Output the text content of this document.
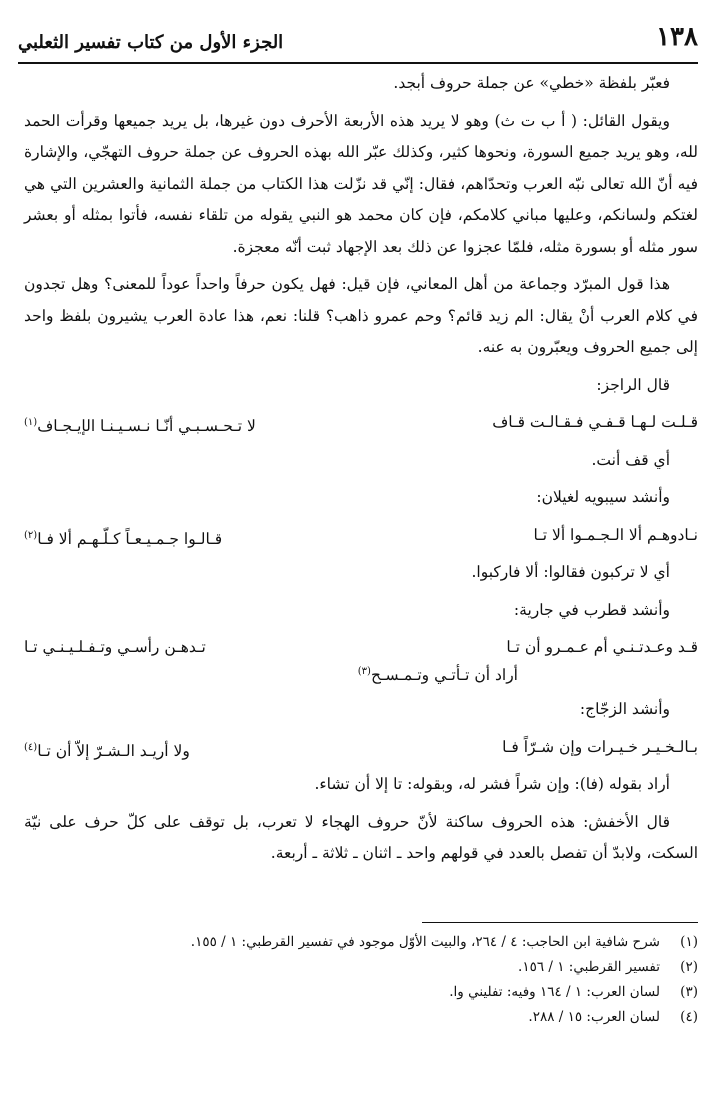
١٣٨
الجزء الأول من كتاب تفسير الثعلبي

فعبّر بلفظة «خطي» عن جملة حروف أبجد.

ويقول القائل: ( أ ب ت ث) وهو لا يريد هذه الأربعة الأحرف دون غيرها، بل يريد جميعها وقرأت الحمد لله، وهو يريد جميع السورة، ونحوها كثير، وكذلك عبّر الله بهذه الحروف عن جملة حروف التهجّي، والإشارة فيه أنّ الله تعالى نبّه العرب وتحدّاهم، فقال: إنّي قد نزّلت هذا الكتاب من جملة الثمانية والعشرين التي هي لغتكم ولسانكم، وعليها مباني كلامكم، فإن كان محمد هو النبي يقوله من تلقاء نفسه، فأتوا بمثله أو بعشر سور مثله أو بسورة مثله، فلمّا عجزوا عن ذلك بعد الإجهاد ثبت أنّه معجزة.

هذا قول المبرّد وجماعة من أهل المعاني، فإن قيل: فهل يكون حرفاً واحداً عوداً للمعنى؟ وهل تجدون في كلام العرب أنْ يقال: الم زيد قائم؟ وحم عمرو ذاهب؟ قلنا: نعم، هذا عادة العرب يشيرون بلفظ واحد إلى جميع الحروف ويعبّرون به عنه.

قال الراجز:

قـلـت لـهـا قـفـي فـقـالـت قـاف
لا تـحـسـبـي أنّـا نـسـيـنـا الإيـجـاف(١)

أي قف أنت.

وأنشد سيبويه لغيلان:

نـادوهـم ألا الـجـمـوا ألا تـا
قـالـوا جـمـيـعـاً كـلّـهـم ألا فـا(٢)

أي لا تركبون فقالوا: ألا فاركبوا.

وأنشد قطرب في جارية:

قـد وعـدتـنـي أم عـمـرو أن تـا
تـدهـن رأسـي وتـفـلـيـنـي تـا
أراد أن تـأتـي وتـمـسـح$^{(٣)}$

وأنشد الزجّاج:

بـالـخـيـر خـيـرات وإن شـرّاً فـا
ولا أريـد الـشـرّ إلاّ أن تـا(٤)

أراد بقوله (فا): وإن شراً فشر له، وبقوله: تا إلا أن تشاء.

قال الأخفش: هذه الحروف ساكنة لأنّ حروف الهجاء لا تعرب، بل توقف على كلّ حرف على نيّة السكت، ولابدّ أن تفصل بالعدد في قولهم واحد ـ اثنان ـ ثلاثة ـ أربعة.

(١)
شرح شافية ابن الحاجب: ٤ / ٢٦٤، والبيت الأوّل موجود في تفسير القرطبي: ١ / ١٥٥.
(٢)
تفسير القرطبي: ١ / ١٥٦.
(٣)
لسان العرب: ١ / ١٦٤ وفيه: تفليني وا.
(٤)
لسان العرب: ١٥ / ٢٨٨.
